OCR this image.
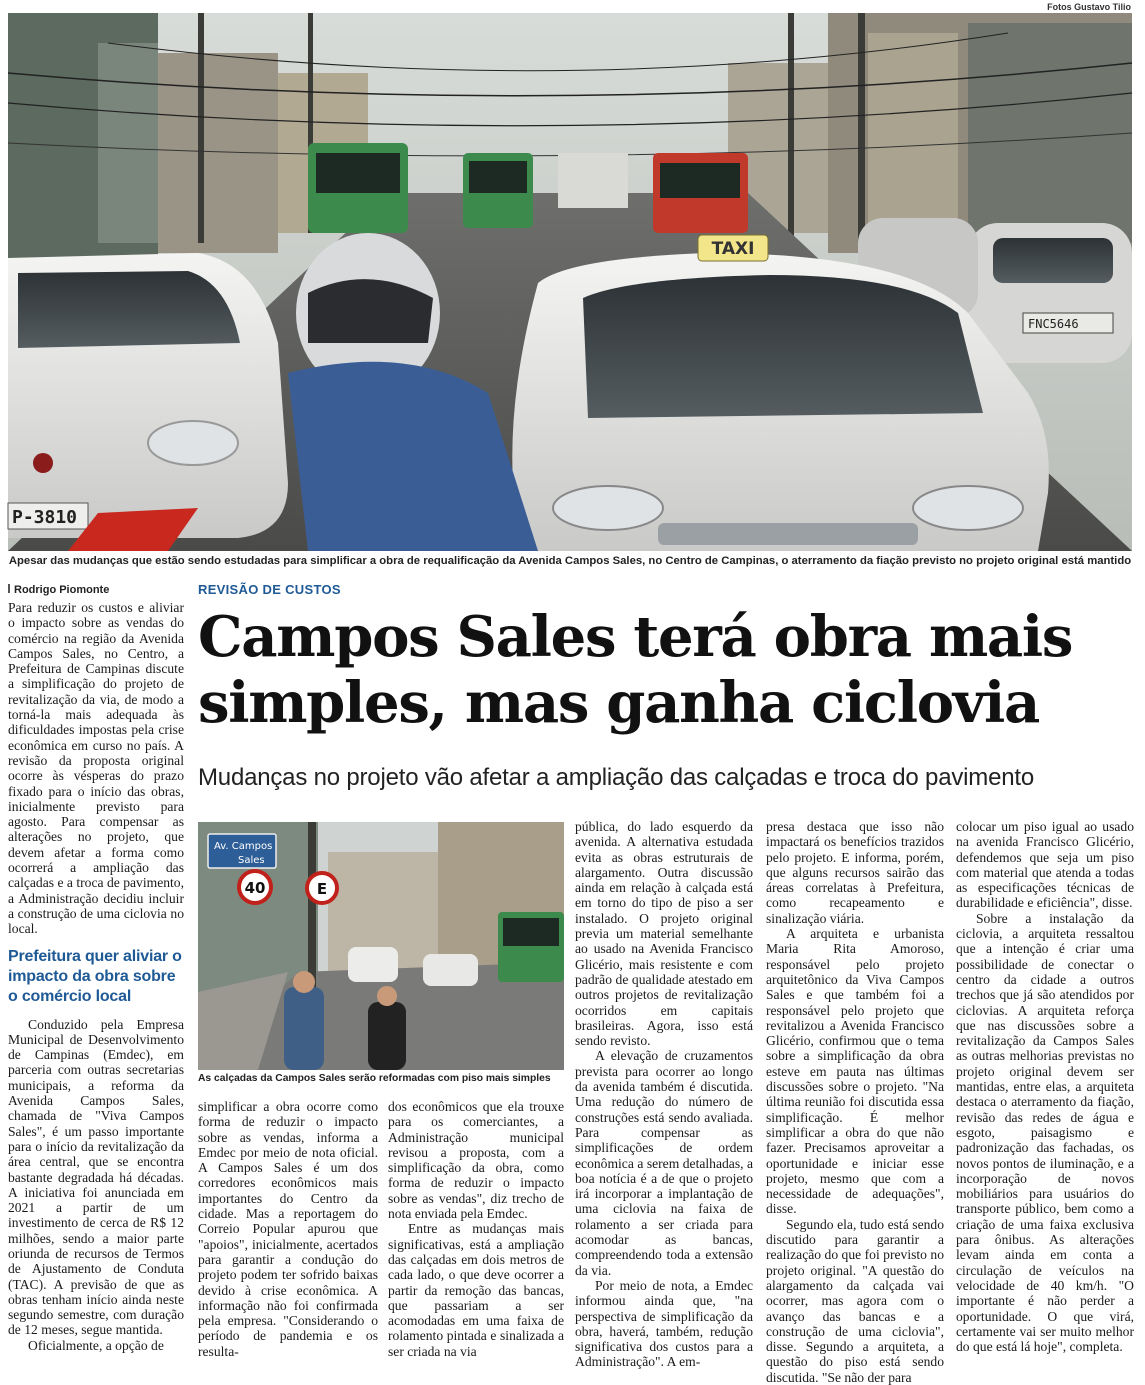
Fotos Gustavo Tilio
P-3810
TAXI
FNC5646
Apesar das mudanças que estão sendo estudadas para simplificar a obra de requalificação da Avenida Campos Sales, no Centro de Campinas, o aterramento da fiação previsto no projeto original está mantido
Rodrigo Piomonte	REVISÃO DE CUSTOS
Campos Sales terá obra mais
simples, mas ganha ciclovia
Mudanças no projeto vão afetar a ampliação das calçadas e troca do pavimento

Para reduzir os custos e aliviar o impacto sobre as vendas do comércio na região da Avenida Campos Sales, no Centro, a Prefeitura de Campinas discute a simplificação do projeto de revitalização da via, de modo a torná-la mais adequada às dificuldades impostas pela crise econômica em curso no país. A revisão da proposta original ocorre às vésperas do prazo fixado para o início das obras, inicialmente previsto para agosto. Para compensar as alterações no projeto, que devem afetar a forma como ocorrerá a ampliação das calçadas e a troca de pavimento, a Administração decidiu incluir a construção de uma ciclovia no local.

Prefeitura quer aliviar o impacto da obra sobre o comércio local

Conduzido pela Empresa Municipal de Desenvolvimento de Campinas (Emdec), em parceria com outras secretarias municipais, a reforma da Avenida Campos Sales, chamada de "Viva Campos Sales", é um passo importante para o início da revitalização da área central, que se encontra bastante degradada há décadas. A iniciativa foi anunciada em 2021 a partir de um investimento de cerca de R$ 12 milhões, sendo a maior parte oriunda de recursos de Termos de Ajustamento de Conduta (TAC). A previsão de que as obras tenham início ainda neste segundo semestre, com duração de 12 meses, segue mantida.

Oficialmente, a opção de

Av. Campos
Sales
40	E
As calçadas da Campos Sales serão reformadas com piso mais simples

simplificar a obra ocorre como forma de reduzir o impacto sobre as vendas, informa a Emdec por meio de nota oficial. A Campos Sales é um dos corredores econômicos mais importantes do Centro da cidade. Mas a reportagem do Correio Popular apurou que "apoios", inicialmente, acertados para garantir a condução do projeto podem ter sofrido baixas devido à crise econômica. A informação não foi confirmada pela empresa. "Considerando o período de pandemia e os resulta-

dos econômicos que ela trouxe para os comerciantes, a Administração municipal revisou a proposta, com a simplificação da obra, como forma de reduzir o impacto sobre as vendas", diz trecho de nota enviada pela Emdec.

Entre as mudanças mais significativas, está a ampliação das calçadas em dois metros de cada lado, o que deve ocorrer a partir da remoção das bancas, que passariam a ser acomodadas em uma faixa de rolamento pintada e sinalizada a ser criada na via

pública, do lado esquerdo da avenida. A alternativa estudada evita as obras estruturais de alargamento. Outra discussão ainda em relação à calçada está em torno do tipo de piso a ser instalado. O projeto original previa um material semelhante ao usado na Avenida Francisco Glicério, mais resistente e com padrão de qualidade atestado em outros projetos de revitalização ocorridos em capitais brasileiras. Agora, isso está sendo revisto.

A elevação de cruzamentos prevista para ocorrer ao longo da avenida também é discutida. Uma redução do número de construções está sendo avaliada. Para compensar as simplificações de ordem econômica a serem detalhadas, a boa notícia é a de que o projeto irá incorporar a implantação de uma ciclovia na faixa de rolamento a ser criada para acomodar as bancas, compreendendo toda a extensão da via.

Por meio de nota, a Emdec informou ainda que, "na perspectiva de simplificação da obra, haverá, também, redução significativa dos custos para a Administração". A em-

presa destaca que isso não impactará os benefícios trazidos pelo projeto. E informa, porém, que alguns recursos sairão das áreas correlatas à Prefeitura, como recapeamento e sinalização viária.

A arquiteta e urbanista Maria Rita Amoroso, responsável pelo projeto arquitetônico da Viva Campos Sales e que também foi a responsável pelo projeto que revitalizou a Avenida Francisco Glicério, confirmou que o tema sobre a simplificação da obra esteve em pauta nas últimas discussões sobre o projeto. "Na última reunião foi discutida essa simplificação. É melhor simplificar a obra do que não fazer. Precisamos aproveitar a oportunidade e iniciar esse projeto, mesmo que com a necessidade de adequações", disse.

Segundo ela, tudo está sendo discutido para garantir a realização do que foi previsto no projeto original. "A questão do alargamento da calçada vai ocorrer, mas agora com o avanço das bancas e a construção de uma ciclovia", disse. Segundo a arquiteta, a questão do piso está sendo discutida. "Se não der para

colocar um piso igual ao usado na avenida Francisco Glicério, defendemos que seja um piso com material que atenda a todas as especificações técnicas de durabilidade e eficiência", disse.

Sobre a instalação da ciclovia, a arquiteta ressaltou que a intenção é criar uma possibilidade de conectar o centro da cidade a outros trechos que já são atendidos por ciclovias. A arquiteta reforça que nas discussões sobre a revitalização da Campos Sales as outras melhorias previstas no projeto original devem ser mantidas, entre elas, a arquiteta destaca o aterramento da fiação, revisão das redes de água e esgoto, paisagismo e padronização das fachadas, os novos pontos de iluminação, e a incorporação de novos mobiliários para usuários do transporte público, bem como a criação de uma faixa exclusiva para ônibus. As alterações levam ainda em conta a circulação de veículos na velocidade de 40 km/h. "O importante é não perder a oportunidade. O que virá, certamente vai ser muito melhor do que está lá hoje", completa.
